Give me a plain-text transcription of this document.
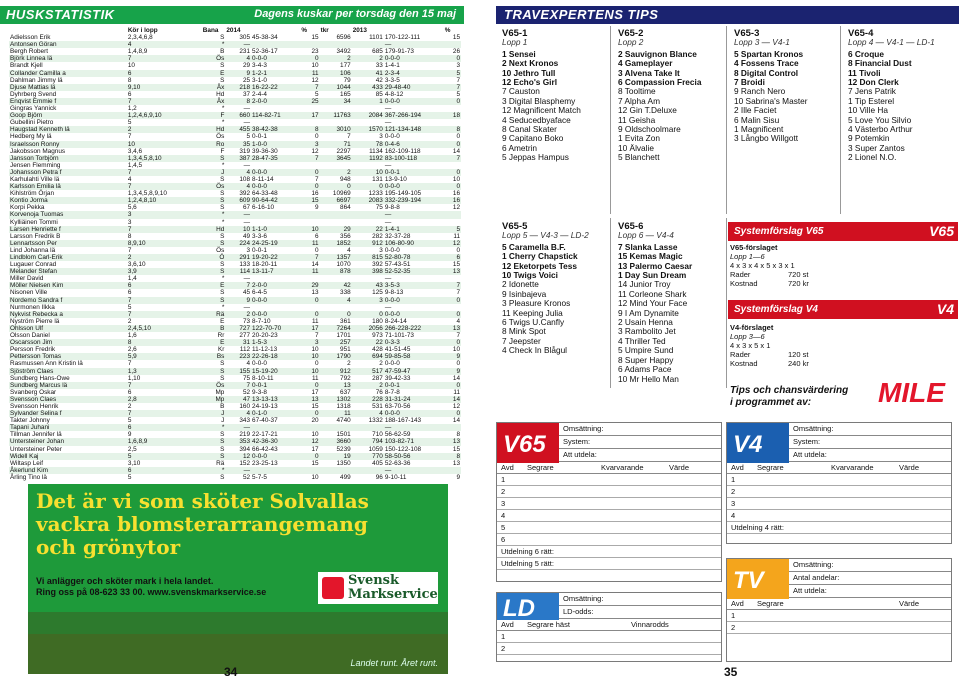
HUSKSTATISTIK	Dagens kuskar per torsdag den 15 maj
	Kör i lopp	Bana	2014		%	tkr	2013		%
Adielsson Erik	2,3,4,6,8	S	305	45-38-34	15	6596	1101	170-122-111	15
Antonsen Göran	4	*	—					—	
Bergh Robert	1,4,8,9	B	231	52-36-17	23	3492	685	179-91-73	26
Björk Linnea lä	7	Ös	4	0-0-0	0	2	2	0-0-0	0
Brandt Kjell	10	S	29	3-4-3	10	177	33	1-4-1	3
Collander Camilla a	6	E	9	1-2-1	11	106	41	2-3-4	5
Dahlman Jimmy lä	8	S	25	3-1-0	12	79	42	3-3-5	7
Djuse Mattias lä	9,10	Åx	218	16-22-22	7	1044	433	29-48-40	7
Dyhrberg Svend	6	Hd	37	2-4-4	5	165	85	4-8-12	5
Enqvist Emmie f	7	Åx	8	2-0-0	25	34	1	0-0-0	0
Gingras Yannick	1,2	*	—					—	
Goop Björn	1,2,4,6,9,10	F	660	114-82-71	17	11763	2084	367-266-194	18
Gubellini Pietro	5	*	—					—	
Haugstad Kenneth lä	2	Hd	455	38-42-38	8	3010	1570	121-134-148	8
Hedberg My lä	7	Ös	5	0-0-1	0	7	3	0-0-0	0
Israelsson Ronny	10	Ro	35	1-0-0	3	71	78	0-4-6	0
Jakobsson Magnus	3,4,6	F	319	39-36-30	12	2297	1134	162-109-118	14
Jansson Torbjörn	1,3,4,5,8,10	S	387	28-47-35	7	3645	1192	83-100-118	7
Jensen Flemming	1,4,5	*	—					—	
Johansson Petra f	7	J	4	0-0-0	0	2	10	0-0-1	0
Karhulahti Ville lä	4	S	108	8-11-14	7	948	131	13-9-10	10
Karlsson Emilia lä	7	Ös	4	0-0-0	0	0	0	0-0-0	0
Kihlström Örjan	1,3,4,5,8,9,10	S	392	64-33-48	16	10969	1233	195-149-105	16
Kontio Jorma	1,2,4,8,10	S	609	90-64-42	15	6697	2083	332-239-194	16
Korpi Pekka	5,6	S	67	6-16-10	9	864	75	9-8-8	12
Korvenoja Tuomas	3	*	—					—	
Kylliäinen Tommi	3	*	—					—	
Larsen Henriette f	7	Hd	10	1-1-0	10	29	22	1-4-1	5
Larsson Fredrik B	8	S	49	3-3-6	6	356	282	32-37-28	11
Lennartsson Per	8,9,10	S	224	24-25-19	11	1852	912	106-80-90	12
Lind Johanna lä	7	Ös	3	0-0-1	0	4	3	0-0-0	0
Lindblom Carl-Erik	2	Ö	291	19-20-22	7	1357	815	52-80-78	6
Lugauer Conrad	3,6,10	S	133	18-20-11	14	1070	392	57-43-51	15
Melander Stefan	3,9	S	114	13-11-7	11	878	398	52-52-35	13
Miller David	1,4	*	—					—	
Möller Nielsen Kim	6	E	7	2-0-0	29	42	43	3-5-3	7
Nisonen Ville	6	S	45	6-4-5	13	338	125	9-8-13	7
Nordemo Sandra f	7	S	9	0-0-0	0	4	3	0-0-0	0
Nurmonen Ilkka	5	*	—					—	
Nykvist Rebecka a	7	Rä	2	0-0-0	0	0	0	0-0-0	0
Nyström Pierre lä	2	E	73	8-7-10	11	361	180	8-24-14	4
Ohlsson Ulf	2,4,5,10	B	727	122-70-70	17	7264	2056	266-228-222	13
Olsson Daniel	1,6	Rr	277	20-20-23	7	1701	973	71-101-73	7
Oscarsson Jim	8	E	31	1-5-3	3	257	22	0-3-3	0
Persson Fredrik	2,6	Kr	112	11-12-13	10	951	428	41-51-45	10
Pettersson Tomas	5,9	Bs	223	22-26-18	10	1790	694	59-85-58	9
Rasmussen Ann Kristin lä	7	S	4	0-0-0	0	2	2	0-0-0	0
Sjöström Claes	1,3	S	155	15-19-20	10	912	517	47-59-47	9
Sundberg Hans-Owe	1,10	S	75	8-10-11	11	792	287	39-42-33	14
Sundberg Marcus lä	7	Ös	7	0-0-1	0	13	2	0-0-1	0
Svanberg Oskar	6	Mp	52	9-3-8	17	637	76	8-7-8	11
Svensson Claes	2,8	Mp	47	13-13-13	13	1302	228	31-31-24	14
Svensson Henrik	2	B	160	24-19-13	15	1318	531	63-70-56	12
Sylvander Selina f	7	J	4	0-1-0	0	11	4	0-0-0	0
Takter Johnny	5	J	343	67-40-37	20	4740	1332	188-167-143	14
Tapani Juhani	6	*	—					—	
Tillman Jennifer lä	9	S	219	22-17-21	10	1501	710	56-62-59	8
Untersteiner Johan	1,6,8,9	S	353	42-36-30	12	3660	794	103-82-71	13
Untersteiner Peter	2,5	S	394	66-42-43	17	5239	1059	150-122-108	15
Widell Kaj	5	S	12	0-0-0	0	19	770	58-50-56	8
Wiltasp Leif	3,10	Rä	152	23-25-13	15	1350	405	52-63-36	13
Åkerlund Kim	6	*	—					—	
Årling Tino lä	5	S	52	5-7-5	10	499	96	9-10-11	9
Det är vi som sköter Solvallas
vackra blomsterarrangemang
och grönytor
Vi anlägger och sköter mark i hela landet.
Ring oss på 08-623 33 00. www.svenskmarkservice.se
Svensk
Markservice
Landet runt. Året runt.
34
TRAVEXPERTENS TIPS
V65-1
Lopp 1
1 Sensei
2 Next Kronos
10 Jethro Tull
12 Echo's Girl
7 Causton
3 Digital Blasphemy
12 Magnificent Match
4 Seducedbyaface
8 Canal Skater
9 Capitano Boko
6 Ametrin
5 Jeppas Hampus
V65-2
Lopp 2
2 Sauvignon Blance
4 Gameplayer
3 Alvena Take It
6 Compassion Frecia
8 Tooltime
7 Alpha Am
12 Gin T.Deluxe
11 Geisha
9 Oldschoolmare
1 Evita Zon
10 Älvalie
5 Blanchett
V65-3
Lopp 3 — V4-1
5 Spartan Kronos
4 Fossens Trace
8 Digital Control
7 Broidi
9 Ranch Nero
10 Sabrina's Master
2 Ille Faciet
6 Malin Sisu
1 Magnificent
3 Långbo Willgott
V65-4
Lopp 4 — V4-1 — LD-1
6 Croque
8 Financial Dust
11 Tivoli
12 Don Clerk
7 Jens Patrik
1 Tip Esterel
10 Ville Ha
5 Love You Silvio
4 Västerbo Arthur
9 Potemkin
3 Super Zantos
2 Lionel N.O.
V65-5
Lopp 5 — V4-3 — LD-2
5 Caramella B.F.
1 Cherry Chapstick
12 Eketorpets Tess
10 Twigs Voici
2 Idonette
9 Isinbajeva
3 Pleasure Kronos
11 Keeping Julia
6 Twigs U.Canfly
8 Mink Spot
7 Jeepster
4 Check In Blågul
V65-6
Lopp 6 — V4-4
7 Slanka Lasse
15 Kemas Magic
13 Palermo Caesar
1 Day Sun Dream
14 Junior Troy
11 Corleone Shark
12 Mind Your Face
9 I Am Dynamite
2 Usain Henna
3 Rambolito Jet
4 Thriller Ted
5 Umpire Sund
8 Super Happy
6 Adams Pace
10 Mr Hello Man
Systemförslag V65	V65
V65-förslaget
Lopp 1—6
4 x 3 x 4 x 5 x 3 x 1
Rader	720 st
Kostnad	720 kr
Systemförslag V4	V4
V4-förslaget
Lopp 3—6
4 x 3 x 5 x 1
Rader	120 st
Kostnad	240 kr
V65
Omsättning:
System:
Att utdela:
Avd Segrare	Kvarvarande	Värde
1
2
3
4
5
6
Utdelning 6 rätt:
Utdelning 5 rätt:
V4
Omsättning:
System:
Att utdela:
Avd Segrare	Kvarvarande	Värde
1
2
3
4
Utdelning 4 rätt:
LD	Omsättning:
LD-odds:
Avd Segrare häst	Vinnarodds
1
2
TV
Omsättning:
Antal andelar:
Att utdela:
Avd Segrare	Värde
1
2
35
Tips och chansvärdering
i programmet av:	MILE
